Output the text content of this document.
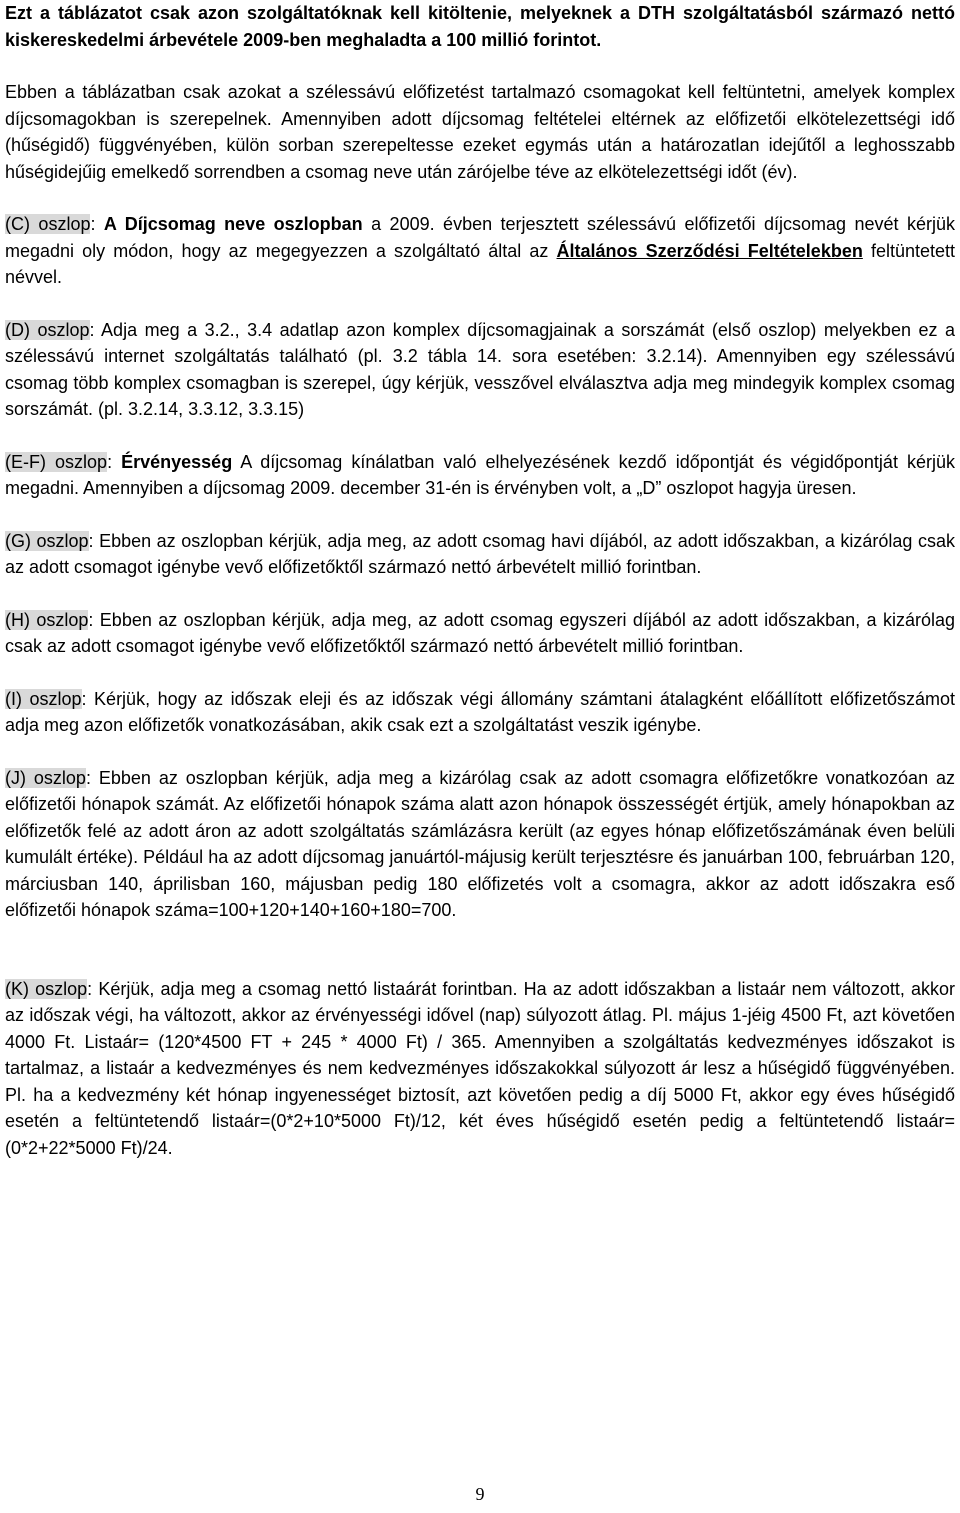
Ezt a táblázatot csak azon szolgáltatóknak kell kitöltenie, melyeknek a DTH szolgáltatásból származó nettó kiskereskedelmi árbevétele 2009-ben meghaladta a 100 millió forintot.

Ebben a táblázatban csak azokat a szélessávú előfizetést tartalmazó csomagokat kell feltüntetni, amelyek komplex díjcsomagokban is szerepelnek. Amennyiben adott díjcsomag feltételei eltérnek az előfizetői elkötelezettségi idő (hűségidő) függvényében, külön sorban szerepeltesse ezeket egymás után a határozatlan idejűtől a leghosszabb hűségidejűig emelkedő sorrendben a csomag neve után zárójelbe téve az elkötelezettségi időt (év).

(C) oszlop: A Díjcsomag neve oszlopban a 2009. évben terjesztett szélessávú előfizetői díjcsomag nevét kérjük megadni oly módon, hogy az megegyezzen a szolgáltató által az Általános Szerződési Feltételekben feltüntetett névvel.

(D) oszlop: Adja meg a 3.2., 3.4 adatlap azon komplex díjcsomagjainak a sorszámát (első oszlop) melyekben ez a szélessávú internet szolgáltatás található (pl. 3.2 tábla 14. sora esetében: 3.2.14). Amennyiben egy szélessávú csomag több komplex csomagban is szerepel, úgy kérjük, vesszővel elválasztva adja meg mindegyik komplex csomag sorszámát. (pl. 3.2.14, 3.3.12, 3.3.15)

(E-F) oszlop: Érvényesség A díjcsomag kínálatban való elhelyezésének kezdő időpontját és végidőpontját kérjük megadni. Amennyiben a díjcsomag 2009. december 31-én is érvényben volt, a „D” oszlopot hagyja üresen.

(G) oszlop: Ebben az oszlopban kérjük, adja meg, az adott csomag havi díjából, az adott időszakban, a kizárólag csak az adott csomagot igénybe vevő előfizetőktől származó nettó árbevételt millió forintban.

(H) oszlop: Ebben az oszlopban kérjük, adja meg, az adott csomag egyszeri díjából az adott időszakban, a kizárólag csak az adott csomagot igénybe vevő előfizetőktől származó nettó árbevételt millió forintban.

(I) oszlop: Kérjük, hogy az időszak eleji és az időszak végi állomány számtani átalagként előállított előfizetőszámot adja meg azon előfizetők vonatkozásában, akik csak ezt a szolgáltatást veszik igénybe.

(J) oszlop: Ebben az oszlopban kérjük, adja meg a kizárólag csak az adott csomagra előfizetőkre vonatkozóan az előfizetői hónapok számát. Az előfizetői hónapok száma alatt azon hónapok összességét értjük, amely hónapokban az előfizetők felé az adott áron az adott szolgáltatás számlázásra került (az egyes hónap előfizetőszámának éven belüli kumulált értéke). Például ha az adott díjcsomag januártól-májusig került terjesztésre és januárban 100, februárban 120, márciusban 140, áprilisban 160, májusban pedig 180 előfizetés volt a csomagra, akkor az adott időszakra eső előfizetői hónapok száma=100+120+140+160+180=700.

(K) oszlop: Kérjük, adja meg a csomag nettó listaárát forintban. Ha az adott időszakban a listaár nem változott, akkor az időszak végi, ha változott, akkor az érvényességi idővel (nap) súlyozott átlag. Pl. május 1-jéig 4500 Ft, azt követően 4000 Ft. Listaár= (120*4500 FT + 245 * 4000 Ft) / 365. Amennyiben a szolgáltatás kedvezményes időszakot is tartalmaz, a listaár a kedvezményes és nem kedvezményes időszakokkal súlyozott ár lesz a hűségidő függvényében. Pl. ha a kedvezmény két hónap ingyenességet biztosít, azt követően pedig a díj 5000 Ft, akkor egy éves hűségidő esetén a feltüntetendő listaár=(0*2+10*5000 Ft)/12, két éves hűségidő esetén pedig a feltüntetendő listaár=(0*2+22*5000 Ft)/24.

9
